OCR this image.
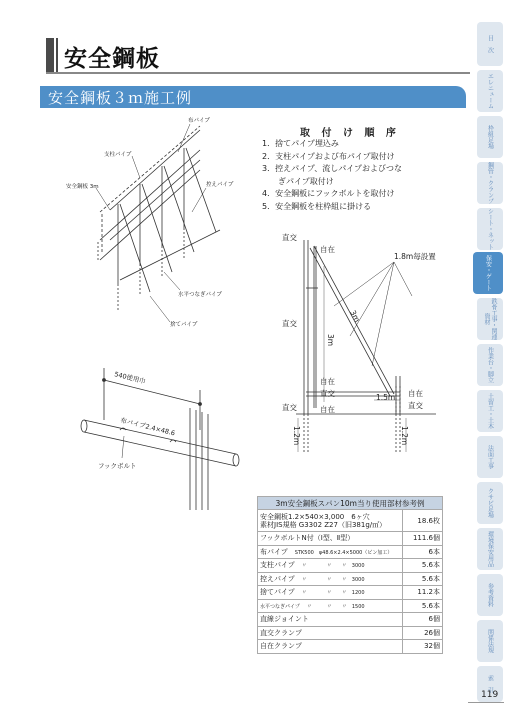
安全鋼板
安全鋼板３ｍ施工例
布パイプ
支柱パイプ
安全鋼板 3m	控えパイプ
水平つなぎパイプ
捨てパイプ
540使用巾
布パイプ2.4×48.6
フックボルト
取 付 け 順 序
1．捨てパイプ埋込み
2．支柱パイプおよび布パイプ取付け
3．控えパイプ、流しパイプおよびつな
　　ぎパイプ取付け
4．安全鋼板にフックボルトを取付け
5．安全鋼板を柱枠組に掛ける
直交
自在
1.8m毎設置
3m
直交
3m
自在
直交	自在
直交
1.5m
直交	自在
1.2m	1.2m
3m安全鋼板スパン10m当り使用部材参考例	

安全鋼板1.2×540×3,000　6ヶ穴
素材JIS規格 G3302 Z27（旧381g/㎡）	18.6枚
フックボルトN付（Ⅰ型、Ⅱ型）	111.6個
布パイプ　 STK500　φ48.6×2.4×5000（ピン加工）	6本
支柱パイプ　 〃　　　　〃　　〃　3000	5.6本
控えパイプ　 〃　　　　〃　　〃　3000	5.6本
捨てパイプ　 〃　　　　〃　　〃　1200	11.2本
水平つなぎパイプ　 〃　　　〃　　〃　1500	5.6本
直線ジョイント	6個
直交クランプ	26個
自在クランプ	32個
目　次
エレニューム
枠組足場
鋼管・クランプ
シート・ネット
保安・ゲート
鉄骨工事・関連資材
作業台・脚立
土留工・土木
法面工事
クサビ足場
環境保安用品
参考資料
関係法規
索　引
119
